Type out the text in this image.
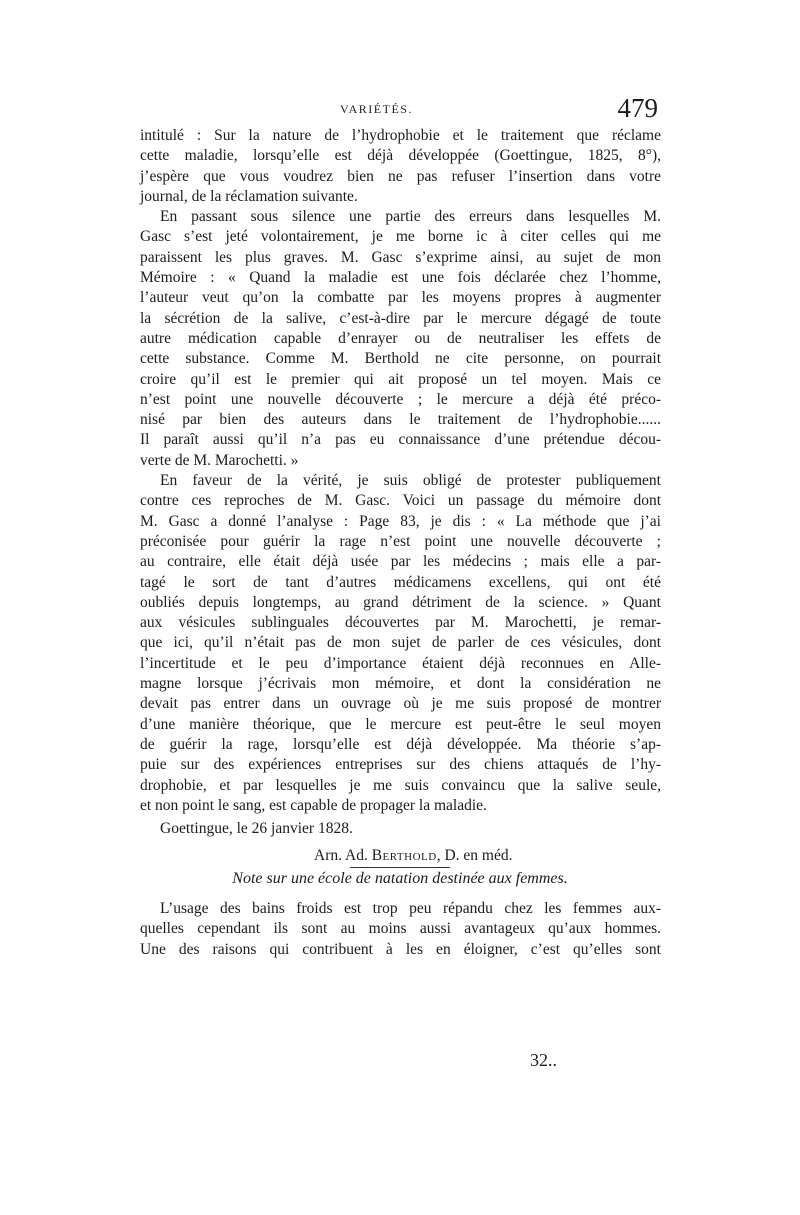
VARIÉTÉS.	479

intitulé : Sur la nature de l’hydrophobie et le traitement que réclame
cette maladie, lorsqu’elle est déjà développée (Goettingue, 1825, 8°),
j’espère que vous voudrez bien ne pas refuser l’insertion dans votre
journal, de la réclamation suivante.

En passant sous silence une partie des erreurs dans lesquelles M.
Gasc s’est jeté volontairement, je me borne ic à citer celles qui me
paraissent les plus graves. M. Gasc s’exprime ainsi, au sujet de mon
Mémoire : « Quand la maladie est une fois déclarée chez l’homme,
l’auteur veut qu’on la combatte par les moyens propres à augmenter
la sécrétion de la salive, c’est-à-dire par le mercure dégagé de toute
autre médication capable d’enrayer ou de neutraliser les effets de
cette substance. Comme M. Berthold ne cite personne, on pourrait
croire qu’il est le premier qui ait proposé un tel moyen. Mais ce
n’est point une nouvelle découverte ; le mercure a déjà été préco-
nisé par bien des auteurs dans le traitement de l’hydrophobie......
Il paraît aussi qu’il n’a pas eu connaissance d’une prétendue décou-
verte de M. Marochetti. »

En faveur de la vérité, je suis obligé de protester publiquement
contre ces reproches de M. Gasc. Voici un passage du mémoire dont
M. Gasc a donné l’analyse : Page 83, je dis : « La méthode que j’ai
préconisée pour guérir la rage n’est point une nouvelle découverte ;
au contraire, elle était déjà usée par les médecins ; mais elle a par-
tagé le sort de tant d’autres médicamens excellens, qui ont été
oubliés depuis longtemps, au grand détriment de la science. » Quant
aux vésicules sublinguales découvertes par M. Marochetti, je remar-
que ici, qu’il n’était pas de mon sujet de parler de ces vésicules, dont
l’incertitude et le peu d’importance étaient déjà reconnues en Alle-
magne lorsque j’écrivais mon mémoire, et dont la considération ne
devait pas entrer dans un ouvrage où je me suis proposé de montrer
d’une manière théorique, que le mercure est peut-être le seul moyen
de guérir la rage, lorsqu’elle est déjà développée. Ma théorie s’ap-
puie sur des expériences entreprises sur des chiens attaqués de l’hy-
drophobie, et par lesquelles je me suis convaincu que la salive seule,
et non point le sang, est capable de propager la maladie.

Goettingue, le 26 janvier 1828.
Arn. Ad. Berthold, D. en méd.
Note sur une école de natation destinée aux femmes.
L’usage des bains froids est trop peu répandu chez les femmes aux-
quelles cependant ils sont au moins aussi avantageux qu’aux hommes.
Une des raisons qui contribuent à les en éloigner, c’est qu’elles sont
32..
